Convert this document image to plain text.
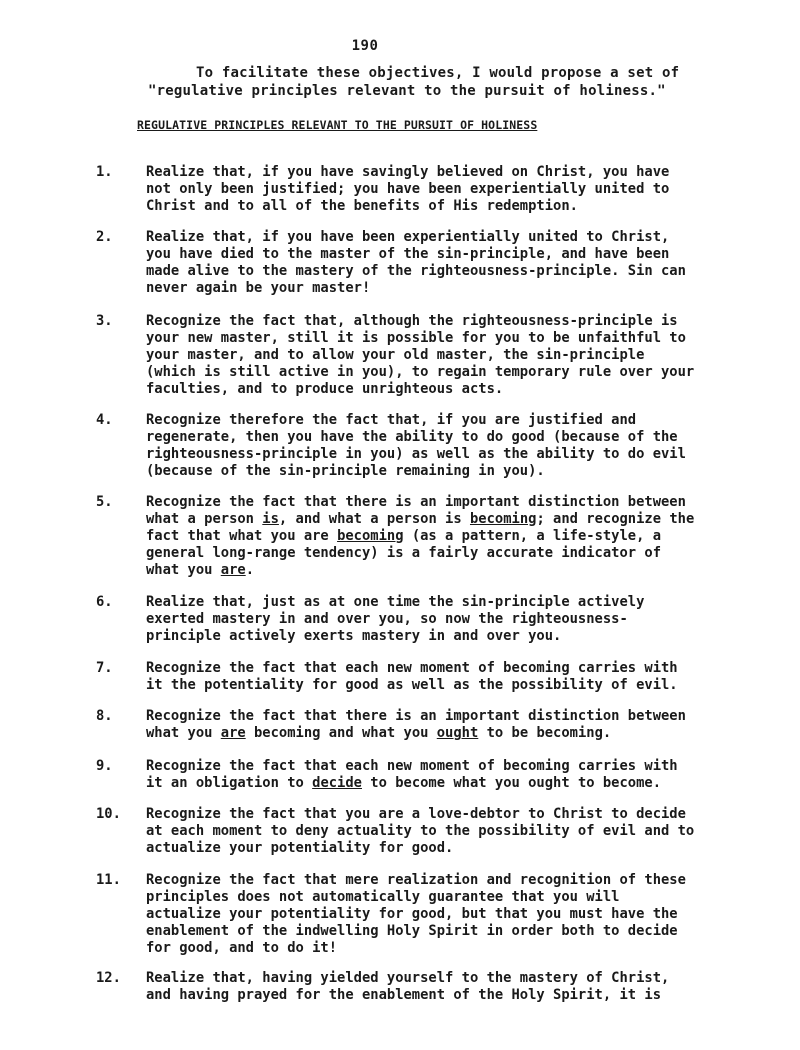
190

To facilitate these objectives, I would propose a set of

"regulative principles relevant to the pursuit of holiness."

REGULATIVE PRINCIPLES RELEVANT TO THE PURSUIT OF HOLINESS
1.	Realize that, if you have savingly believed on Christ, you have

not only been justified; you have been experientially united to

Christ and to all of the benefits of His redemption.

2.	Realize that, if you have been experientially united to Christ,

you have died to the master of the sin-principle, and have been

made alive to the mastery of the righteousness-principle. Sin can

never again be your master!

3.	Recognize the fact that, although the righteousness-principle is

your new master, still it is possible for you to be unfaithful to

your master, and to allow your old master, the sin-principle

(which is still active in you), to regain temporary rule over your

faculties, and to produce unrighteous acts.

4.	Recognize therefore the fact that, if you are justified and

regenerate, then you have the ability to do good (because of the

righteousness-principle in you) as well as the ability to do evil

(because of the sin-principle remaining in you).

5.	Recognize the fact that there is an important distinction between

what a person is, and what a person is becoming; and recognize the

fact that what you are becoming (as a pattern, a life-style, a

general long-range tendency) is a fairly accurate indicator of

what you are.

6.	Realize that, just as at one time the sin-principle actively

exerted mastery in and over you, so now the righteousness-

principle actively exerts mastery in and over you.

7.	Recognize the fact that each new moment of becoming carries with

it the potentiality for good as well as the possibility of evil.

8.	Recognize the fact that there is an important distinction between

what you are becoming and what you ought to be becoming.

9.	Recognize the fact that each new moment of becoming carries with

it an obligation to decide to become what you ought to become.

10.	Recognize the fact that you are a love-debtor to Christ to decide

at each moment to deny actuality to the possibility of evil and to

actualize your potentiality for good.

11.	Recognize the fact that mere realization and recognition of these

principles does not automatically guarantee that you will

actualize your potentiality for good, but that you must have the

enablement of the indwelling Holy Spirit in order both to decide

for good, and to do it!

12.	Realize that, having yielded yourself to the mastery of Christ,

and having prayed for the enablement of the Holy Spirit, it is
